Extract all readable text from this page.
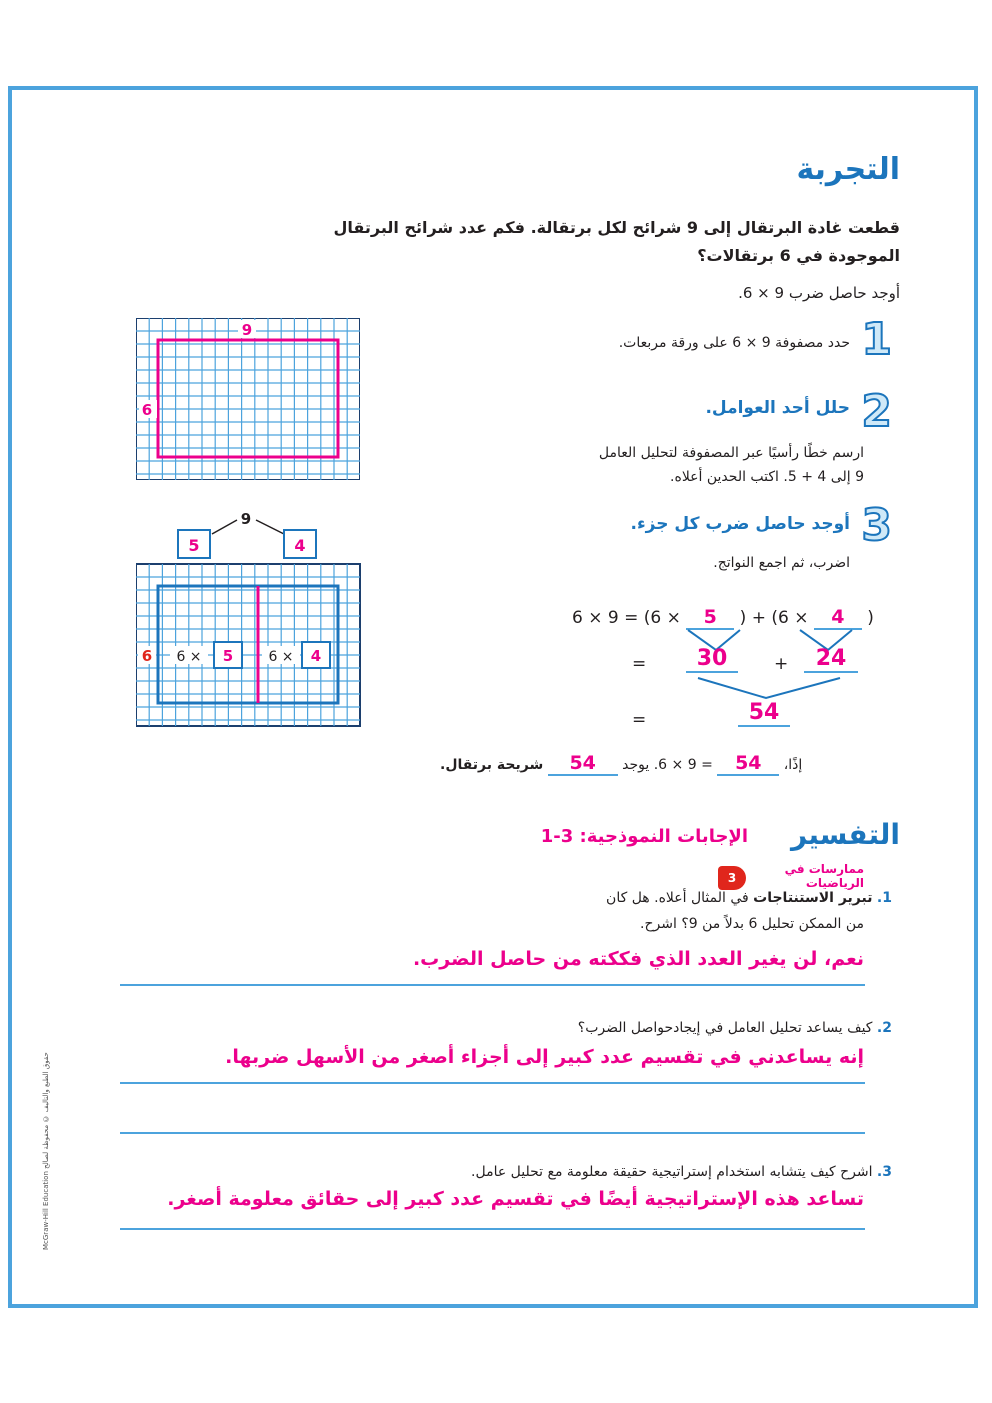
التجربة
قطعت غادة البرتقال إلى 9 شرائح لكل برتقالة. فكم عدد شرائح البرتقال الموجودة في 6 برتقالات؟
أوجد حاصل ضرب 9 × 6.
1
حدد مصفوفة 9 × 6 على ورقة مربعات.
2
حلل أحد العوامل.
ارسم خطًا رأسيًا عبر المصفوفة لتحليل العامل
9 إلى 4 + 5. اكتب الحدين أعلاه.
3
أوجد حاصل ضرب كل جزء.
اضرب، ثم اجمع النواتج.
9
6
9
5	4
6 6 × 5	6 × 4
6 × 9 = (6 × 5 ) + (6 × 4 )
=	30	+	24
=	54
إذًا، 54 = 9 × 6. يوجد 54 شريحة برتقال.
التفسير
الإجابات النموذجية: 3-1
ممارسات في
الرياضيات
3
1. تبرير الاستنتاجات في المثال أعلاه. هل كان
من الممكن تحليل 6 بدلاً من 9؟ اشرح.
نعم، لن يغير العدد الذي فككته من حاصل الضرب.
2. كيف يساعد تحليل العامل في إيجادحواصل الضرب؟
إنه يساعدني في تقسيم عدد كبير إلى أجزاء أصغر من الأسهل ضربها.
3. اشرح كيف يتشابه استخدام إستراتيجية حقيقة معلومة مع تحليل عامل.
تساعد هذه الإستراتيجية أيضًا في تقسيم عدد كبير إلى حقائق معلومة أصغر.
McGraw-Hill Education حقوق الطبع والتأليف © محفوظة لصالح
